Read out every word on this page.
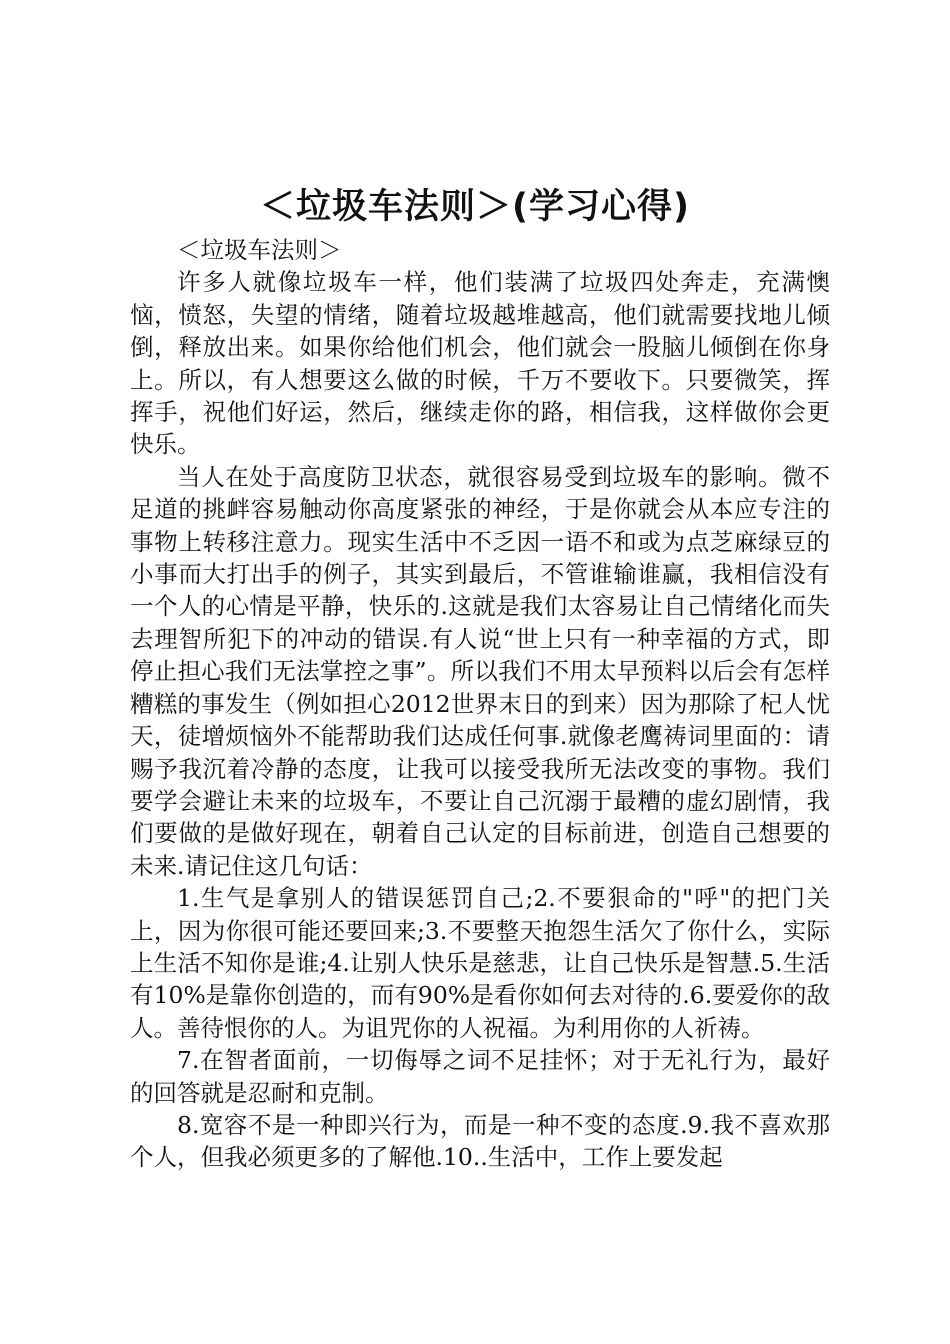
＜垃圾车法则＞(学习心得)

＜垃圾车法则＞

许多人就像垃圾车一样，他们装满了垃圾四处奔走，充满懊恼，愤怒，失望的情绪，随着垃圾越堆越高，他们就需要找地儿倾倒，释放出来。如果你给他们机会，他们就会一股脑儿倾倒在你身上。所以，有人想要这么做的时候，千万不要收下。只要微笑，挥挥手，祝他们好运，然后，继续走你的路，相信我，这样做你会更快乐。

当人在处于高度防卫状态，就很容易受到垃圾车的影响。微不足道的挑衅容易触动你高度紧张的神经，于是你就会从本应专注的事物上转移注意力。现实生活中不乏因一语不和或为点芝麻绿豆的小事而大打出手的例子，其实到最后，不管谁输谁赢，我相信没有一个人的心情是平静，快乐的.这就是我们太容易让自己情绪化而失去理智所犯下的冲动的错误.有人说“世上只有一种幸福的方式，即停止担心我们无法掌控之事”。所以我们不用太早预料以后会有怎样糟糕的事发生（例如担心2012世界末日的到来）因为那除了杞人忧天，徒增烦恼外不能帮助我们达成任何事.就像老鹰祷词里面的：请赐予我沉着冷静的态度，让我可以接受我所无法改变的事物。我们要学会避让未来的垃圾车，不要让自己沉溺于最糟的虚幻剧情，我们要做的是做好现在，朝着自己认定的目标前进，创造自己想要的未来.请记住这几句话：

1.生气是拿别人的错误惩罚自己;2.不要狠命的"呼"的把门关上，因为你很可能还要回来;3.不要整天抱怨生活欠了你什么，实际上生活不知你是谁;4.让别人快乐是慈悲，让自己快乐是智慧.5.生活有10%是靠你创造的，而有90%是看你如何去对待的.6.要爱你的敌人。善待恨你的人。为诅咒你的人祝福。为利用你的人祈祷。

7.在智者面前，一切侮辱之词不足挂怀；对于无礼行为，最好的回答就是忍耐和克制。

8.宽容不是一种即兴行为，而是一种不变的态度.9.我不喜欢那个人，但我必须更多的了解他.10..生活中，工作上要发起
